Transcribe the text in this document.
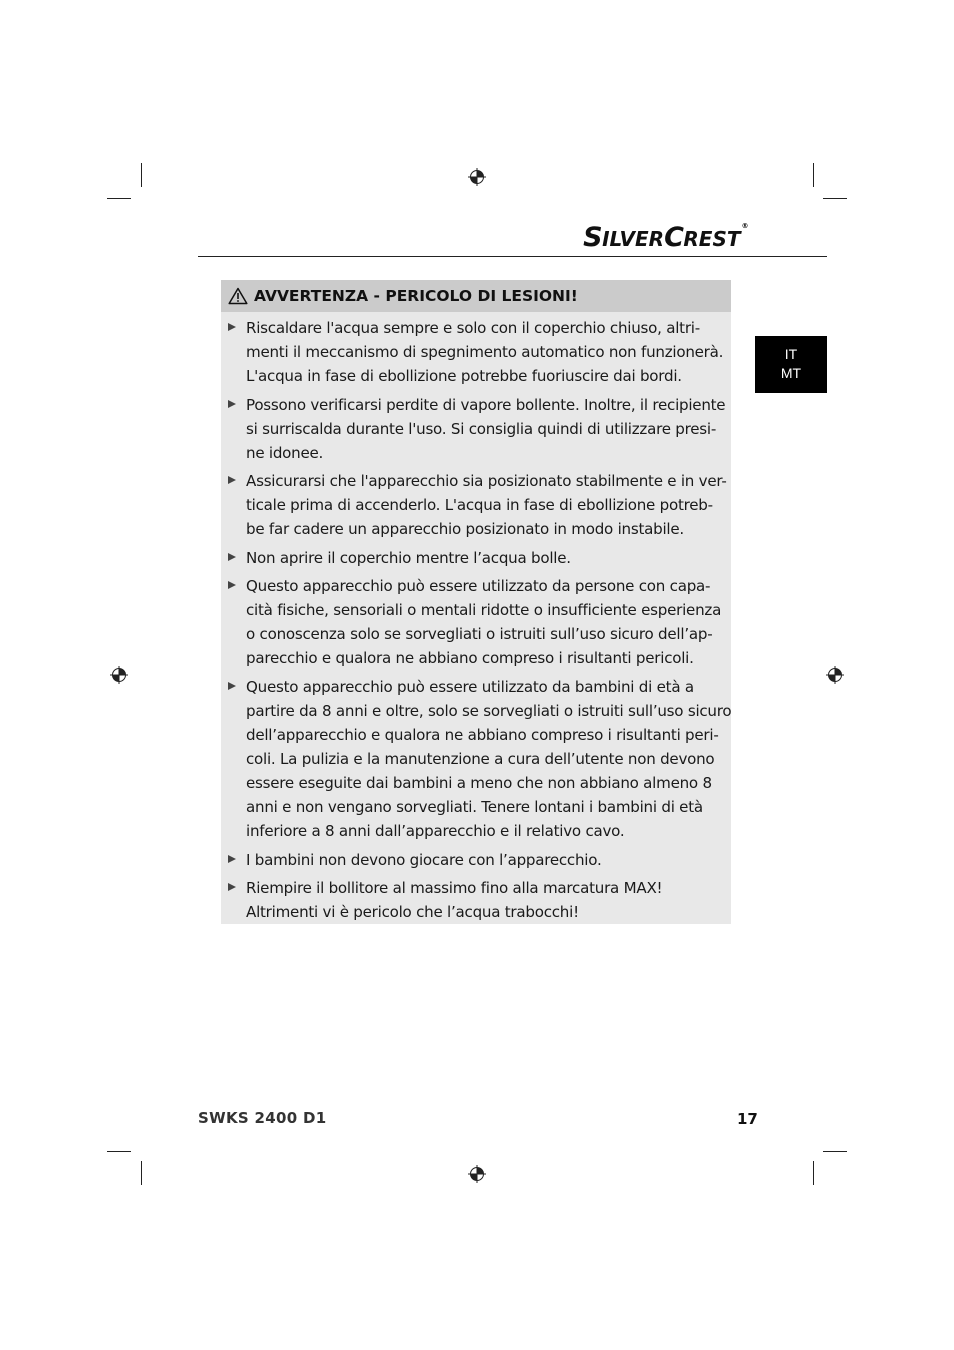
SILVERCREST®
IT
MT
AVVERTENZA - PERICOLO DI LESIONI!
Riscaldare l'acqua sempre e solo con il coperchio chiuso, altri-
menti il meccanismo di spegnimento automatico non funzionerà.
L'acqua in fase di ebollizione potrebbe fuoriuscire dai bordi.
Possono verificarsi perdite di vapore bollente. Inoltre, il recipiente
si surriscalda durante l'uso. Si consiglia quindi di utilizzare presi-
ne idonee.
Assicurarsi che l'apparecchio sia posizionato stabilmente e in ver-
ticale prima di accenderlo. L'acqua in fase di ebollizione potreb-
be far cadere un apparecchio posizionato in modo instabile.
Non aprire il coperchio mentre l’acqua bolle.
Questo apparecchio può essere utilizzato da persone con capa-
cità fisiche, sensoriali o mentali ridotte o insufficiente esperienza
o conoscenza solo se sorvegliati o istruiti sull’uso sicuro dell’ap-
parecchio e qualora ne abbiano compreso i risultanti pericoli.
Questo apparecchio può essere utilizzato da bambini di età a
partire da 8 anni e oltre, solo se sorvegliati o istruiti sull’uso sicuro
dell’apparecchio e qualora ne abbiano compreso i risultanti peri-
coli. La pulizia e la manutenzione a cura dell’utente non devono
essere eseguite dai bambini a meno che non abbiano almeno 8
anni e non vengano sorvegliati. Tenere lontani i bambini di età
inferiore a 8 anni dall’apparecchio e il relativo cavo.
I bambini non devono giocare con l’apparecchio.
Riempire il bollitore al massimo fino alla marcatura MAX!
Altrimenti vi è pericolo che l’acqua trabocchi!
SWKS 2400 D1	17
